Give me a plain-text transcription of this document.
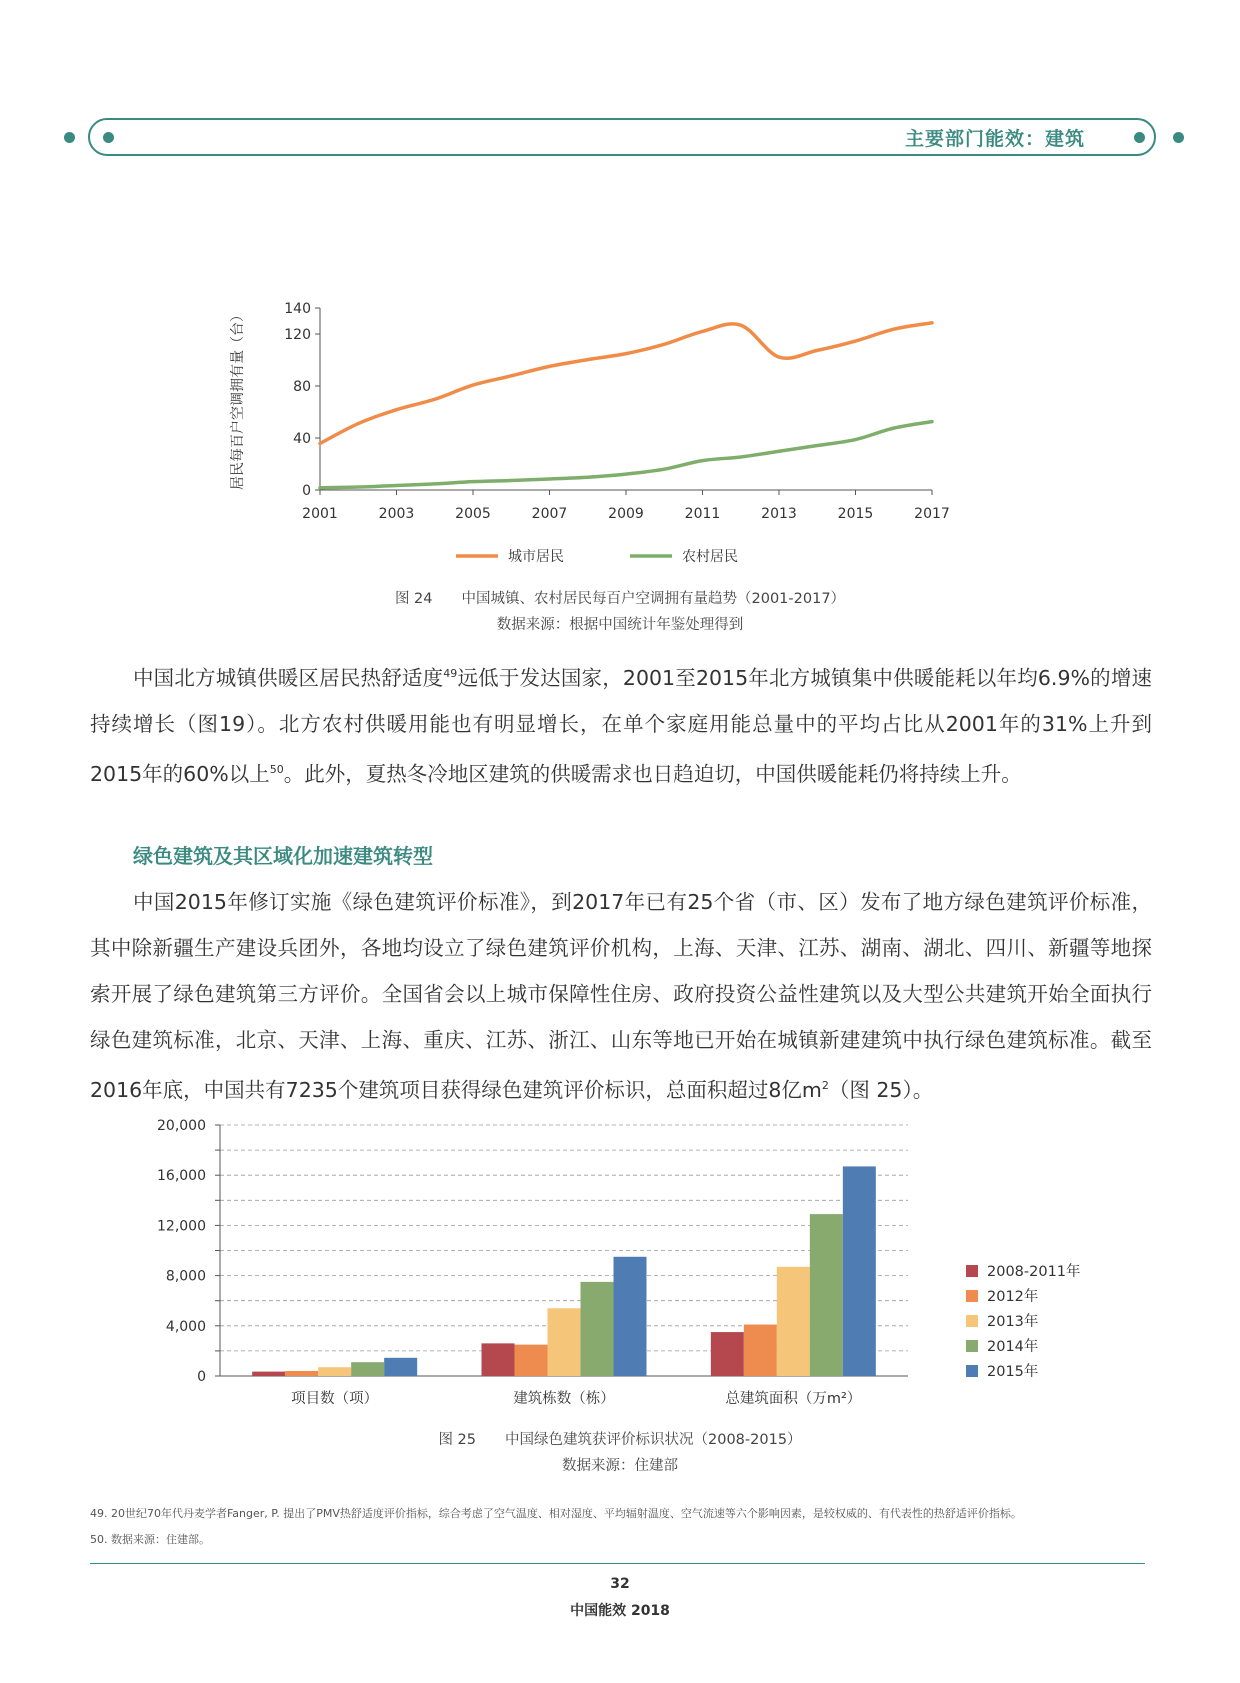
主要部门能效：建筑
0
40
80
120
140
2001	2003	2005	2007	2009	2011	2013	2015	2017
居民每百户空调拥有量（台）
城市居民	农村居民
图 24　　中国城镇、农村居民每百户空调拥有量趋势（2001-2017）
数据来源：根据中国统计年鉴处理得到

中国北方城镇供暖区居民热舒适度$^{49}$远低于发达国家，2001至2015年北方城镇集中供暖能耗以年均6.9%的增速持续增长（图19）。北方农村供暖用能也有明显增长，在单个家庭用能总量中的平均占比从2001年的31%上升到2015年的60%以上$^{50}$。此外，夏热冬冷地区建筑的供暖需求也日趋迫切，中国供暖能耗仍将持续上升。

绿色建筑及其区域化加速建筑转型

中国2015年修订实施《绿色建筑评价标准》，到2017年已有25个省（市、区）发布了地方绿色建筑评价标准，其中除新疆生产建设兵团外，各地均设立了绿色建筑评价机构，上海、天津、江苏、湖南、湖北、四川、新疆等地探索开展了绿色建筑第三方评价。全国省会以上城市保障性住房、政府投资公益性建筑以及大型公共建筑开始全面执行绿色建筑标准，北京、天津、上海、重庆、江苏、浙江、山东等地已开始在城镇新建建筑中执行绿色建筑标准。截至2016年底，中国共有7235个建筑项目获得绿色建筑评价标识，总面积超过8亿$m^2$（图 25）。

0
4,000
8,000
12,000
16,000
20,000
项目数（项）	建筑栋数（栋）	总建筑面积（万m²）
2008-2011年
2012年
2013年
2014年
2015年
图 25　　中国绿色建筑获评价标识状况（2008-2015）
数据来源：住建部
49. 20世纪70年代丹麦学者Fanger, P. 提出了PMV热舒适度评价指标，综合考虑了空气温度、相对湿度、平均辐射温度、空气流速等六个影响因素，是较权威的、有代表性的热舒适评价指标。
50. 数据来源：住建部。
32
中国能效 2018
